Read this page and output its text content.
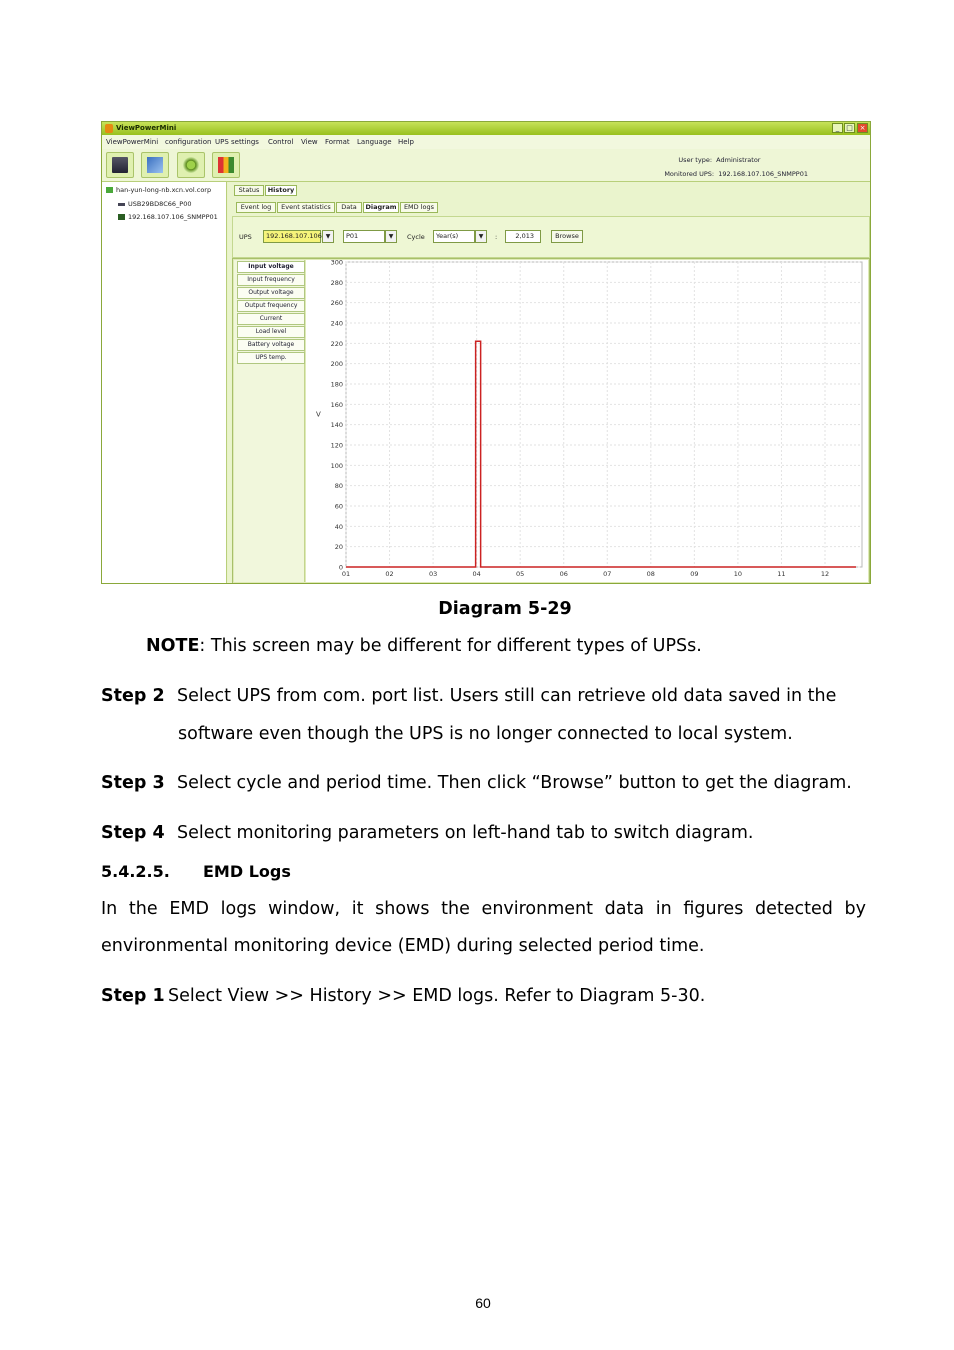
ViewPowerMini	_ □ ×
ViewPowerMini configuration UPS settings Control View Format Language Help
User type: Administrator
Monitored UPS: 192.168.107.106_SNMPP01
han-yun-long-nb.xcn.vol.corp
USB29BD8C66_P00
192.168.107.106_SNMPP01
Status	History
Event log	Event statistics	Data	Diagram	EMD logs
UPS	192.168.107.106 ▼	P01	▼	Cycle	Year(s)	▼	:	2,013	Browse
Input voltage
Input frequency
Output voltage
Output frequency
Current
Load level
Battery voltage
UPS temp.
0
20
40
60
80
100
120
140
160
180
200
220
240
260
280
300
01	02	03	04	05	06	07	08	09	10	11	12
V
Diagram 5-29
NOTE: This screen may be different for different types of UPSs.
Step 2 Select UPS from com. port list. Users still can retrieve old data saved in the
software even though the UPS is no longer connected to local system.
Step 3 Select cycle and period time. Then click “Browse” button to get the diagram.
Step 4 Select monitoring parameters on left-hand tab to switch diagram.
5.4.2.5. EMD Logs
In the EMD logs window, it shows the environment data in figures detected by
environmental monitoring device (EMD) during selected period time.
Step 1 Select View >> History >> EMD logs. Refer to Diagram 5-30.
60
